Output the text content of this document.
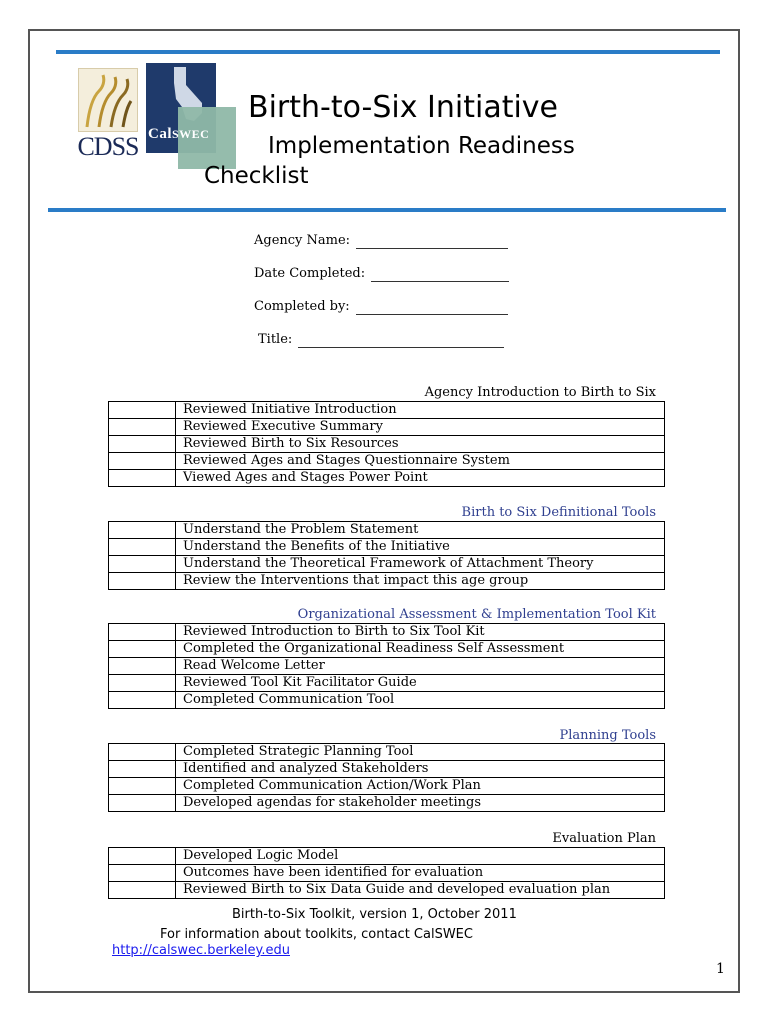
CDSS CalSWEC
Birth-to-Six Initiative
Implementation Readiness Checklist
Agency Name:
Date Completed:
Completed by:
Title:
Agency Introduction to Birth to Six
	Reviewed Initiative Introduction
	Reviewed Executive Summary
	Reviewed Birth to Six Resources
	Reviewed Ages and Stages Questionnaire System
	Viewed Ages and Stages Power Point
Birth to Six Definitional Tools
	Understand the Problem Statement
	Understand the Benefits of the Initiative
	Understand the Theoretical Framework of Attachment Theory
	Review the Interventions that impact this age group
Organizational Assessment & Implementation Tool Kit
	Reviewed Introduction to Birth to Six Tool Kit
	Completed the Organizational Readiness Self Assessment
	Read Welcome Letter
	Reviewed Tool Kit Facilitator Guide
	Completed Communication Tool
Planning Tools
	Completed Strategic Planning Tool
	Identified and analyzed Stakeholders
	Completed Communication Action/Work Plan
	Developed agendas for stakeholder meetings
Evaluation Plan
	Developed Logic Model
	Outcomes have been identified for evaluation
	Reviewed Birth to Six Data Guide and developed evaluation plan
Birth-to-Six Toolkit, version 1, October 2011
For information about toolkits, contact CalSWEC
http://calswec.berkeley.edu
1
